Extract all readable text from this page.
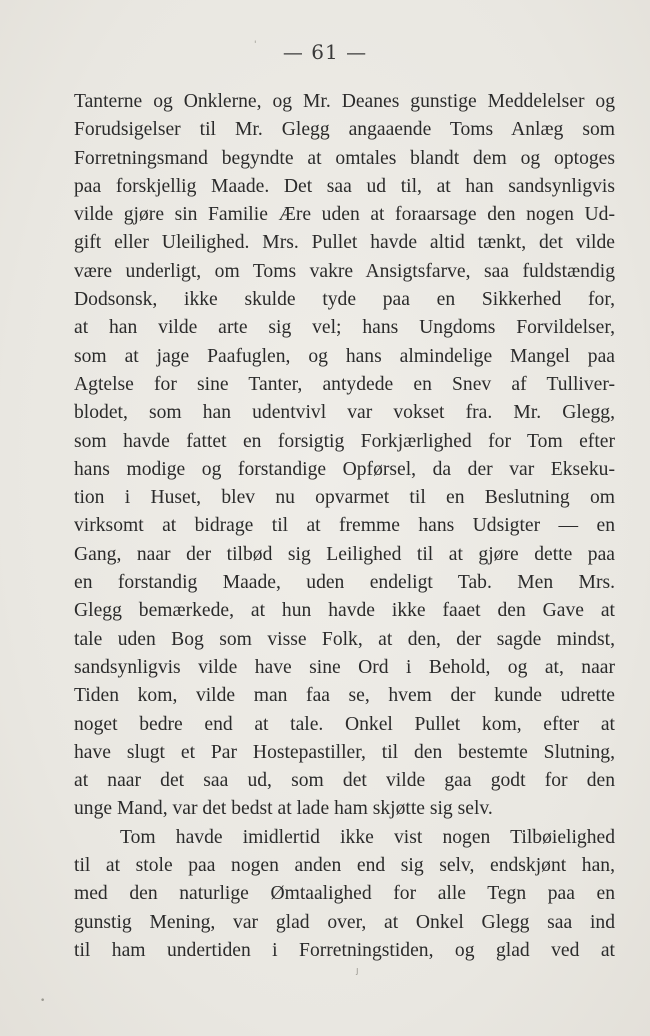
— 61 —
Tanterne og Onklerne, og Mr. Deanes gunstige Meddelelser og
Forudsigelser til Mr. Glegg angaaende Toms Anlæg som
Forretningsmand begyndte at omtales blandt dem og optoges
paa forskjellig Maade. Det saa ud til, at han sandsynligvis
vilde gjøre sin Familie Ære uden at foraarsage den nogen Ud-
gift eller Uleilighed. Mrs. Pullet havde altid tænkt, det vilde
være underligt, om Toms vakre Ansigtsfarve, saa fuldstændig
Dodsonsk, ikke skulde tyde paa en Sikkerhed for,
at han vilde arte sig vel; hans Ungdoms Forvildelser,
som at jage Paafuglen, og hans almindelige Mangel paa
Agtelse for sine Tanter, antydede en Snev af Tulliver-
blodet, som han udentvivl var vokset fra. Mr. Glegg,
som havde fattet en forsigtig Forkjærlighed for Tom efter
hans modige og forstandige Opførsel, da der var Ekseku-
tion i Huset, blev nu opvarmet til en Beslutning om
virksomt at bidrage til at fremme hans Udsigter — en
Gang, naar der tilbød sig Leilighed til at gjøre dette paa
en forstandig Maade, uden endeligt Tab. Men Mrs.
Glegg bemærkede, at hun havde ikke faaet den Gave at
tale uden Bog som visse Folk, at den, der sagde mindst,
sandsynligvis vilde have sine Ord i Behold, og at, naar
Tiden kom, vilde man faa se, hvem der kunde udrette
noget bedre end at tale. Onkel Pullet kom, efter at
have slugt et Par Hostepastiller, til den bestemte Slutning,
at naar det saa ud, som det vilde gaa godt for den
unge Mand, var det bedst at lade ham skjøtte sig selv.
Tom havde imidlertid ikke vist nogen Tilbøielighed
til at stole paa nogen anden end sig selv, endskjønt han,
med den naturlige Ømtaalighed for alle Tegn paa en
gunstig Mening, var glad over, at Onkel Glegg saa ind
til ham undertiden i Forretningstiden, og glad ved at
'
•
ȷ
